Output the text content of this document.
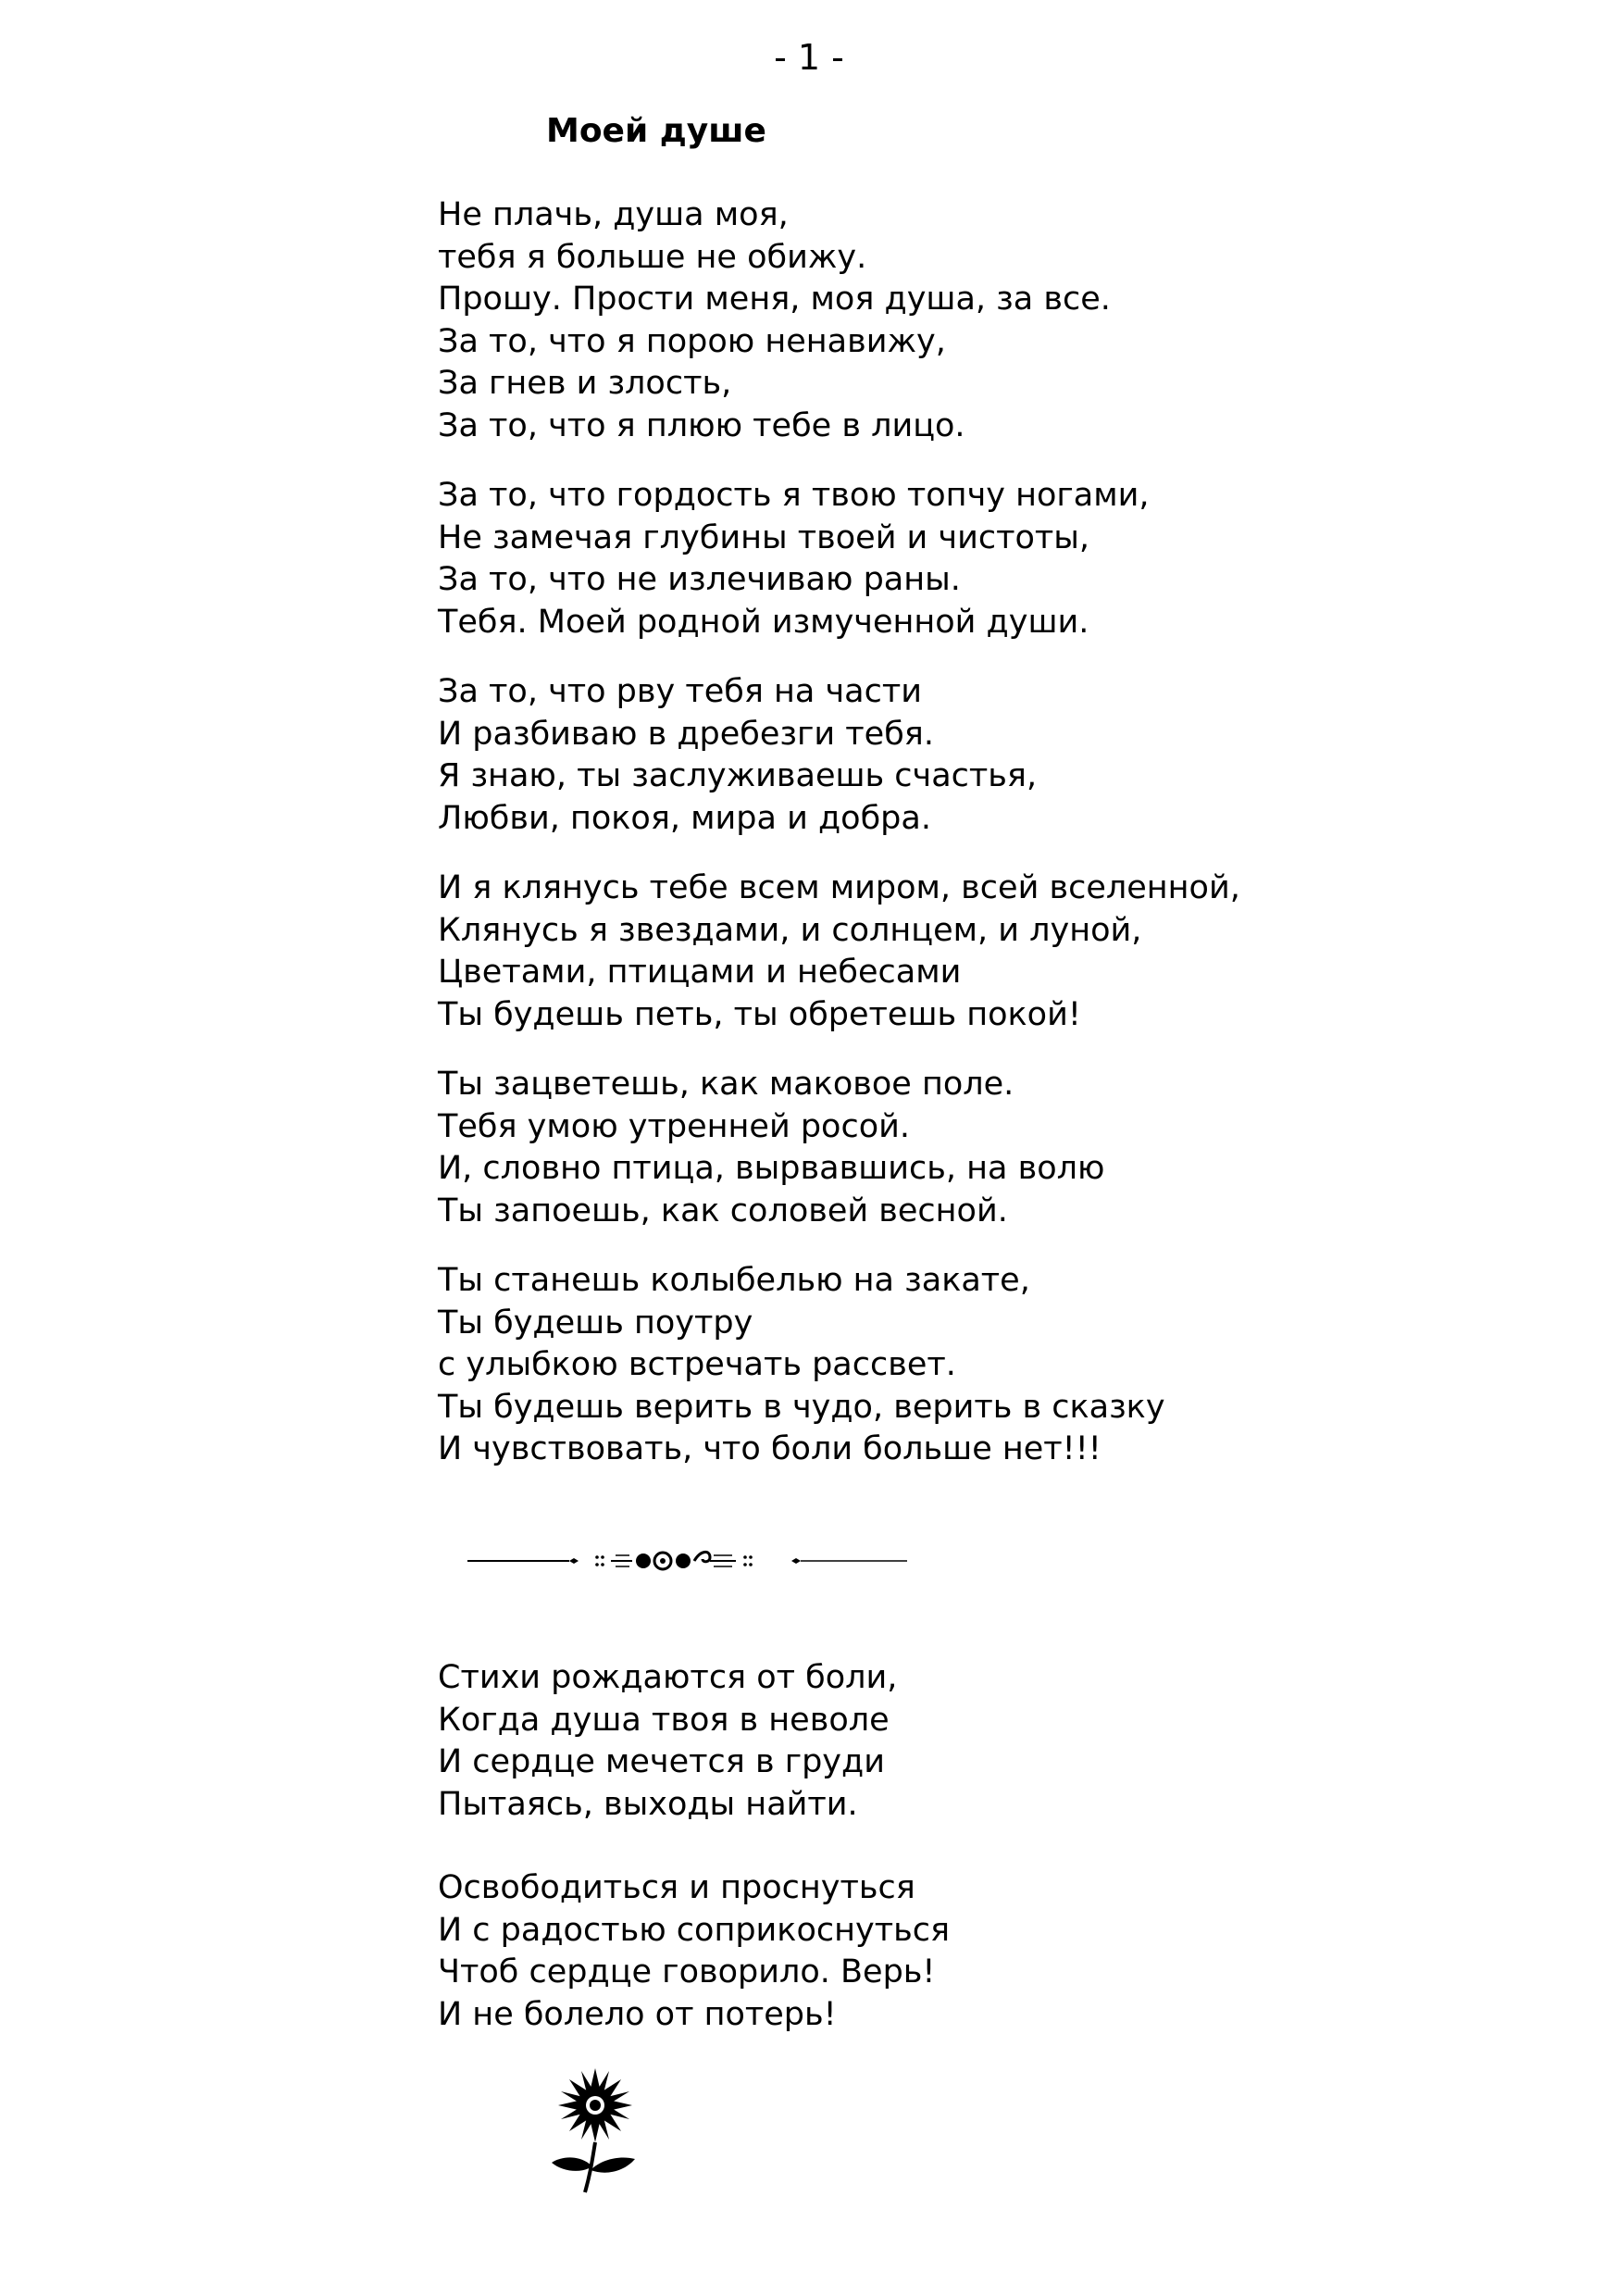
- 1 -
Моей душе
Не плачь, душа моя,
тебя я больше не обижу.
Прошу. Прости меня, моя душа, за все.
За то, что я порою ненавижу,
За гнев и злость,
За то, что я плюю тебе в лицо.
За то, что гордость я твою топчу ногами,
Не замечая глубины твоей и чистоты,
За то, что не излечиваю раны.
Тебя. Моей родной измученной души.
За то, что рву тебя на части
И разбиваю в дребезги тебя.
Я знаю, ты заслуживаешь счастья,
Любви, покоя, мира и добра.
И я клянусь тебе всем миром, всей вселенной,
Клянусь я звездами, и солнцем, и луной,
Цветами, птицами и небесами
Ты будешь петь, ты обретешь покой!
Ты зацветешь, как маковое поле.
Тебя умою утренней росой.
И, словно птица, вырвавшись, на волю
Ты запоешь, как соловей весной.
Ты станешь колыбелью на закате,
Ты будешь поутру
с улыбкою встречать рассвет.
Ты будешь верить в чудо, верить в сказку
И чувствовать, что боли больше нет!!!
Стихи рождаются от боли,
Когда душа твоя в неволе
И сердце мечется в груди
Пытаясь, выходы найти.
Освободиться и проснуться
И с радостью соприкоснуться
Чтоб сердце говорило. Верь!
И не болело от потерь!
